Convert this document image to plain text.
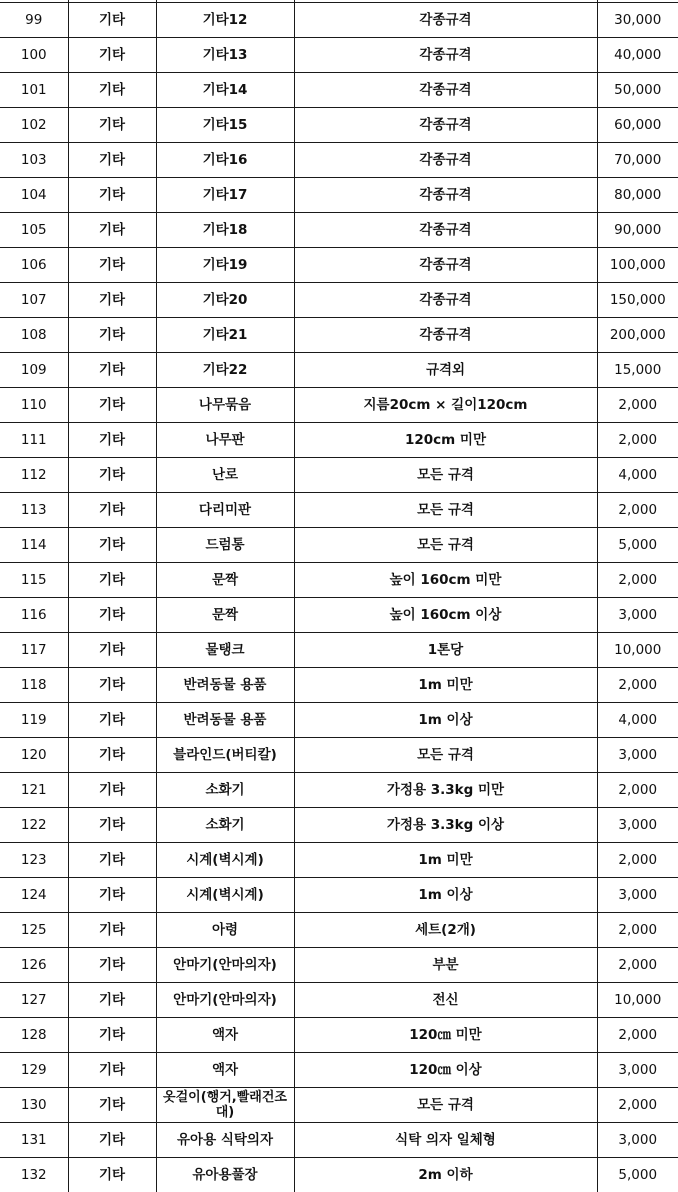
99	기타	기타12	각종규격	30,000
100	기타	기타13	각종규격	40,000
101	기타	기타14	각종규격	50,000
102	기타	기타15	각종규격	60,000
103	기타	기타16	각종규격	70,000
104	기타	기타17	각종규격	80,000
105	기타	기타18	각종규격	90,000
106	기타	기타19	각종규격	100,000
107	기타	기타20	각종규격	150,000
108	기타	기타21	각종규격	200,000
109	기타	기타22	규격외	15,000
110	기타	나무묶음	지름20cm × 길이120cm	2,000
111	기타	나무판	120cm 미만	2,000
112	기타	난로	모든 규격	4,000
113	기타	다리미판	모든 규격	2,000
114	기타	드럼통	모든 규격	5,000
115	기타	문짝	높이 160cm 미만	2,000
116	기타	문짝	높이 160cm 이상	3,000
117	기타	물탱크	1톤당	10,000
118	기타	반려동물 용품	1m 미만	2,000
119	기타	반려동물 용품	1m 이상	4,000
120	기타	블라인드(버티칼)	모든 규격	3,000
121	기타	소화기	가정용 3.3kg 미만	2,000
122	기타	소화기	가정용 3.3kg 이상	3,000
123	기타	시계(벽시계)	1m 미만	2,000
124	기타	시계(벽시계)	1m 이상	3,000
125	기타	아령	세트(2개)	2,000
126	기타	안마기(안마의자)	부분	2,000
127	기타	안마기(안마의자)	전신	10,000
128	기타	액자	120㎝ 미만	2,000
129	기타	액자	120㎝ 이상	3,000
130	기타	옷걸이(행거,빨래건조대)	모든 규격	2,000
131	기타	유아용 식탁의자	식탁 의자 일체형	3,000
132	기타	유아용풀장	2m 이하	5,000
